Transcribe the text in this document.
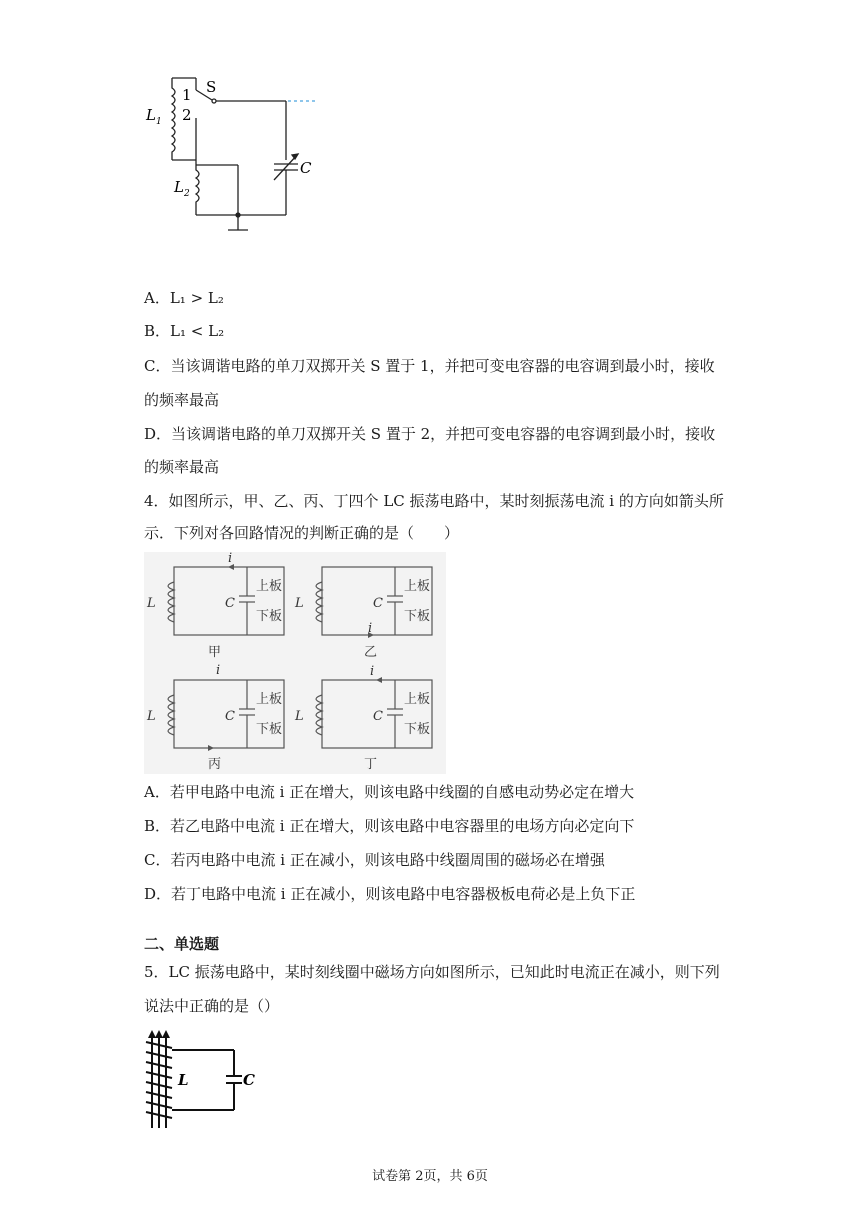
S
1
2
$L_1$
$L_2$
C
A．L₁ > L₂
B．L₁ < L₂
C．当该调谐电路的单刀双掷开关 S 置于 1，并把可变电容器的电容调到最小时，接收
的频率最高
D．当该调谐电路的单刀双掷开关 S 置于 2，并把可变电容器的电容调到最小时，接收
的频率最高
4．如图所示，甲、乙、丙、丁四个 LC 振荡电路中，某时刻振荡电流 i 的方向如箭头所
示．下列对各回路情况的判断正确的是（　　）
i
L	C
上板
下板
甲
i
L	C
上板
下板
乙
i
L	C
上板
下板
丙
i
L	C
上板
下板
丁
A．若甲电路中电流 i 正在增大，则该电路中线圈的自感电动势必定在增大
B．若乙电路中电流 i 正在增大，则该电路中电容器里的电场方向必定向下
C．若丙电路中电流 i 正在减小，则该电路中线圈周围的磁场必在增强
D．若丁电路中电流 i 正在减小，则该电路中电容器极板电荷必是上负下正
二、单选题
5．LC 振荡电路中，某时刻线圈中磁场方向如图所示，已知此时电流正在减小，则下列
说法中正确的是（）
L	C
试卷第 2页，共 6页
